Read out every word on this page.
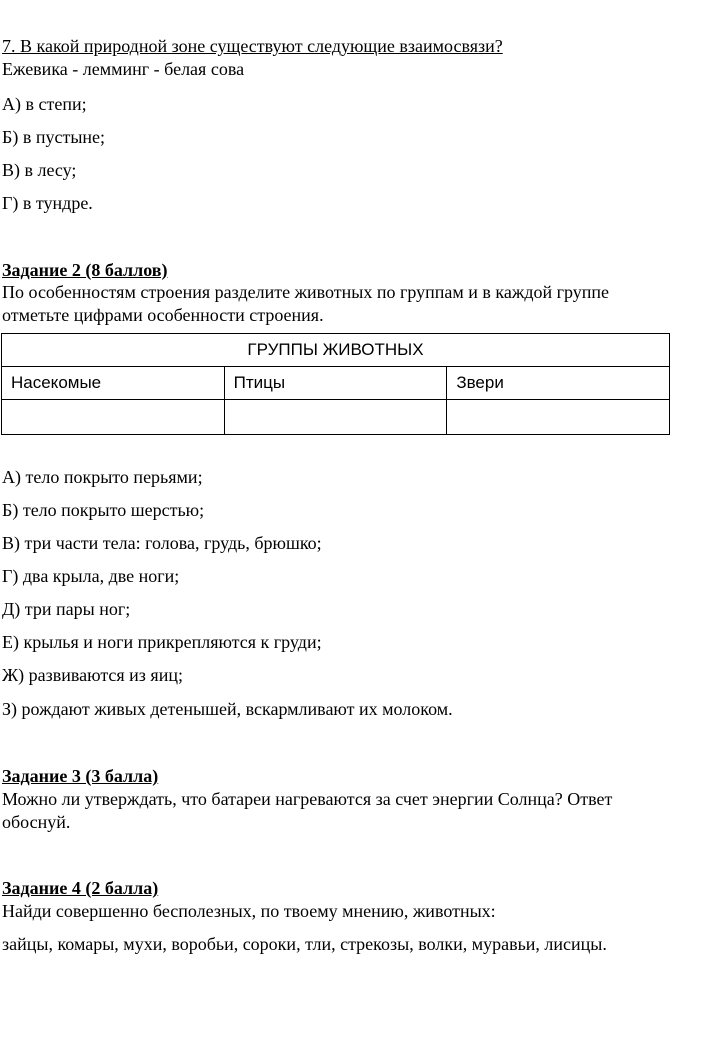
7. В какой природной зоне существуют следующие взаимосвязи?
Ежевика - лемминг - белая сова
А) в степи;
Б) в пустыне;
В) в лесу;
Г) в тундре.
Задание 2 (8 баллов)
По особенностям строения разделите животных по группам и в каждой группе
отметьте цифрами особенности строения.
ГРУППЫ ЖИВОТНЫХ		
Насекомые	Птицы	Звери

А) тело покрыто перьями;
Б) тело покрыто шерстью;
В) три части тела: голова, грудь, брюшко;
Г) два крыла, две ноги;
Д) три пары ног;
Е) крылья и ноги прикрепляются к груди;
Ж) развиваются из яиц;
З) рождают живых детенышей, вскармливают их молоком.
Задание 3 (3 балла)
Можно ли утверждать, что батареи нагреваются за счет энергии Солнца? Ответ
обоснуй.
Задание 4 (2 балла)
Найди совершенно бесполезных, по твоему мнению, животных:
зайцы, комары, мухи, воробьи, сороки, тли, стрекозы, волки, муравьи, лисицы.
